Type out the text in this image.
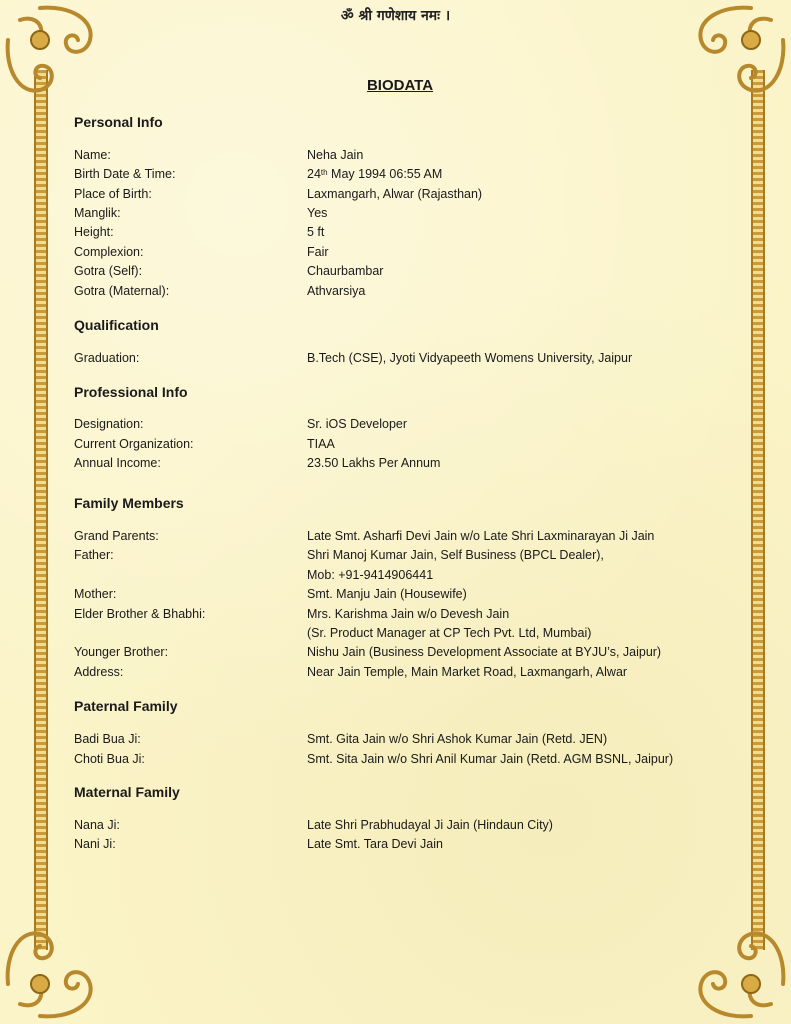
ॐ श्री गणेशाय नमः ।
BIODATA
Personal Info
Name:	Neha Jain
Birth Date & Time:	24th May 1994 06:55 AM
Place of Birth:	Laxmangarh, Alwar (Rajasthan)
Manglik:	Yes
Height:	5 ft
Complexion:	Fair
Gotra (Self):	Chaurbambar
Gotra (Maternal):	Athvarsiya
Qualification
Graduation:	B.Tech (CSE), Jyoti Vidyapeeth Womens University, Jaipur
Professional Info
Designation:	Sr. iOS Developer
Current Organization:	TIAA
Annual Income:	23.50 Lakhs Per Annum
Family Members
Grand Parents:	Late Smt. Asharfi Devi Jain w/o Late Shri Laxminarayan Ji Jain
Father:	Shri Manoj Kumar Jain, Self Business (BPCL Dealer),
Mob: +91-9414906441
Mother:	Smt. Manju Jain (Housewife)
Elder Brother & Bhabhi:	Mrs. Karishma Jain w/o Devesh Jain
(Sr. Product Manager at CP Tech Pvt. Ltd, Mumbai)
Younger Brother:	Nishu Jain (Business Development Associate at BYJU’s, Jaipur)
Address:	Near Jain Temple, Main Market Road, Laxmangarh, Alwar
Paternal Family
Badi Bua Ji:	Smt. Gita Jain w/o Shri Ashok Kumar Jain (Retd. JEN)
Choti Bua Ji:	Smt. Sita Jain w/o Shri Anil Kumar Jain (Retd. AGM BSNL, Jaipur)
Maternal Family
Nana Ji:	Late Shri Prabhudayal Ji Jain (Hindaun City)
Nani Ji:	Late Smt. Tara Devi Jain
